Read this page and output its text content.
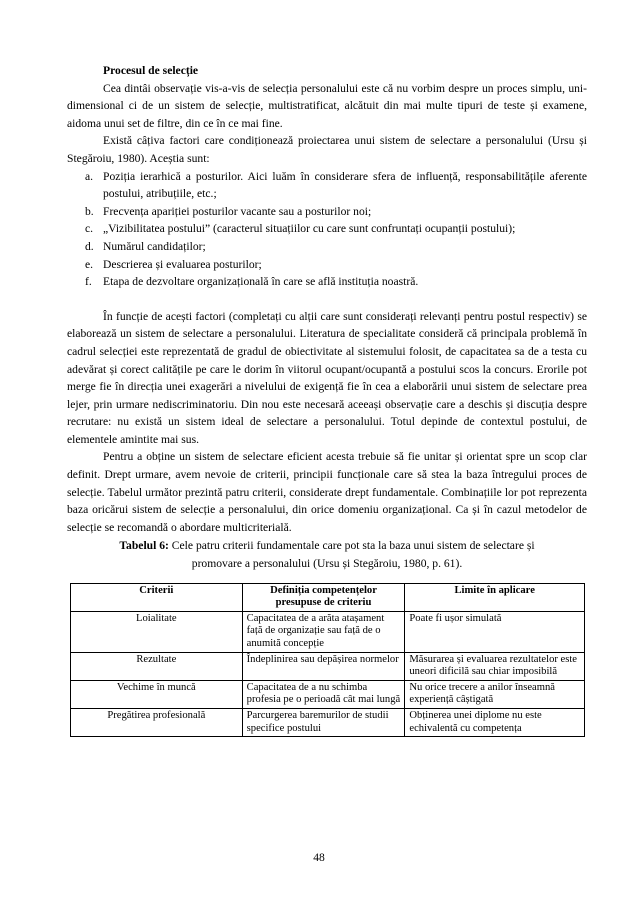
Procesul de selecție

Cea dintâi observație vis-a-vis de selecția personalului este că nu vorbim despre un proces simplu, uni-dimensional ci de un sistem de selecție, multistratificat, alcătuit din mai multe tipuri de teste și examene, aidoma unui set de filtre, din ce în ce mai fine.

Există câțiva factori care condiționează proiectarea unui sistem de selectare a personalului (Ursu și Stegăroiu, 1980). Aceștia sunt:

a. Poziția ierarhică a posturilor. Aici luăm în considerare sfera de influență, responsabilitățile aferente postului, atribuțiile, etc.;
b. Frecvența apariției posturilor vacante sau a posturilor noi;
c. „Vizibilitatea postului” (caracterul situațiilor cu care sunt confruntați ocupanții postului);
d. Numărul candidaților;
e. Descrierea și evaluarea posturilor;
f. Etapa de dezvoltare organizațională în care se află instituția noastră.

În funcție de acești factori (completați cu alții care sunt considerați relevanți pentru postul respectiv) se elaborează un sistem de selectare a personalului. Literatura de specialitate consideră că principala problemă în cadrul selecției este reprezentată de gradul de obiectivitate al sistemului folosit, de capacitatea sa de a testa cu adevărat și corect calitățile pe care le dorim în viitorul ocupant/ocupantă a postului scos la concurs. Erorile pot merge fie în direcția unei exagerări a nivelului de exigență fie în cea a elaborării unui sistem de selectare prea lejer, prin urmare nediscriminatoriu. Din nou este necesară aceeași observație care a deschis și discuția despre recrutare: nu există un sistem ideal de selectare a personalului. Totul depinde de contextul postului, de elementele amintite mai sus.

Pentru a obține un sistem de selectare eficient acesta trebuie să fie unitar și orientat spre un scop clar definit. Drept urmare, avem nevoie de criterii, principii funcționale care să stea la baza întregului proces de selecție. Tabelul următor prezintă patru criterii, considerate drept fundamentale. Combinațiile lor pot reprezenta baza oricărui sistem de selecție a personalului, din orice domeniu organizațional. Ca și în cazul metodelor de selecție se recomandă o abordare multicriterială.

Tabelul 6: Cele patru criterii fundamentale care pot sta la baza unui sistem de selectare și
promovare a personalului (Ursu și Stegăroiu, 1980, p. 61).

Criterii	Definiția competențelor presupuse de criteriu	Limite în aplicare
Loialitate	Capacitatea de a arăta atașament față de organizație sau față de o anumită concepție	Poate fi ușor simulată
Rezultate	Îndeplinirea sau depășirea normelor	Măsurarea și evaluarea rezultatelor este uneori dificilă sau chiar imposibilă
Vechime în muncă	Capacitatea de a nu schimba profesia pe o perioadă cât mai lungă	Nu orice trecere a anilor înseamnă experiență câștigată
Pregătirea profesională	Parcurgerea baremurilor de studii specifice postului	Obținerea unei diplome nu este echivalentă cu competența
48
